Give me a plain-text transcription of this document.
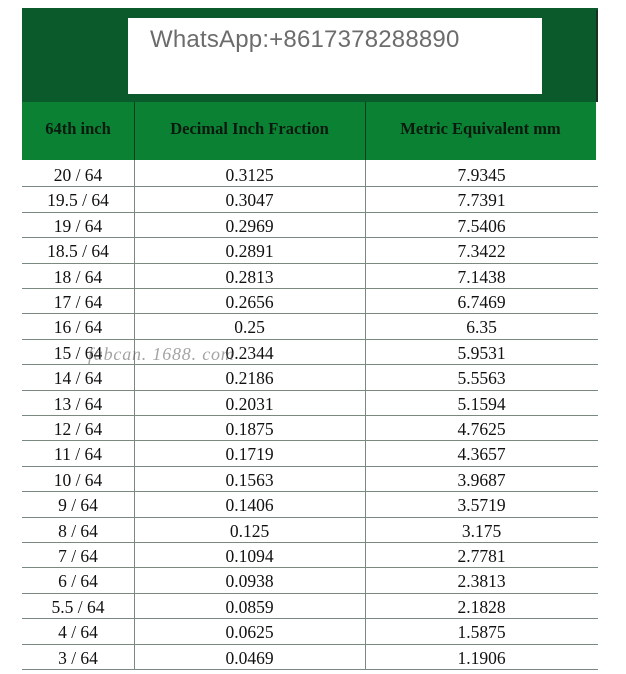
WhatsApp:+8617378288890
64th inch	Decimal Inch Fraction	Metric Equivalent mm
20 / 64	0.3125	7.9345
19.5 / 64	0.3047	7.7391
19 / 64	0.2969	7.5406
18.5 / 64	0.2891	7.3422
18 / 64	0.2813	7.1438
17 / 64	0.2656	6.7469
16 / 64	0.25	6.35
15 / 64	0.2344	5.9531
14 / 64	0.2186	5.5563
13 / 64	0.2031	5.1594
12 / 64	0.1875	4.7625
11 / 64	0.1719	4.3657
10 / 64	0.1563	3.9687
9 / 64	0.1406	3.5719
8 / 64	0.125	3.175
7 / 64	0.1094	2.7781
6 / 64	0.0938	2.3813
5.5 / 64	0.0859	2.1828
4 / 64	0.0625	1.5875
3 / 64	0.0469	1.1906
fabcan. 1688. com
